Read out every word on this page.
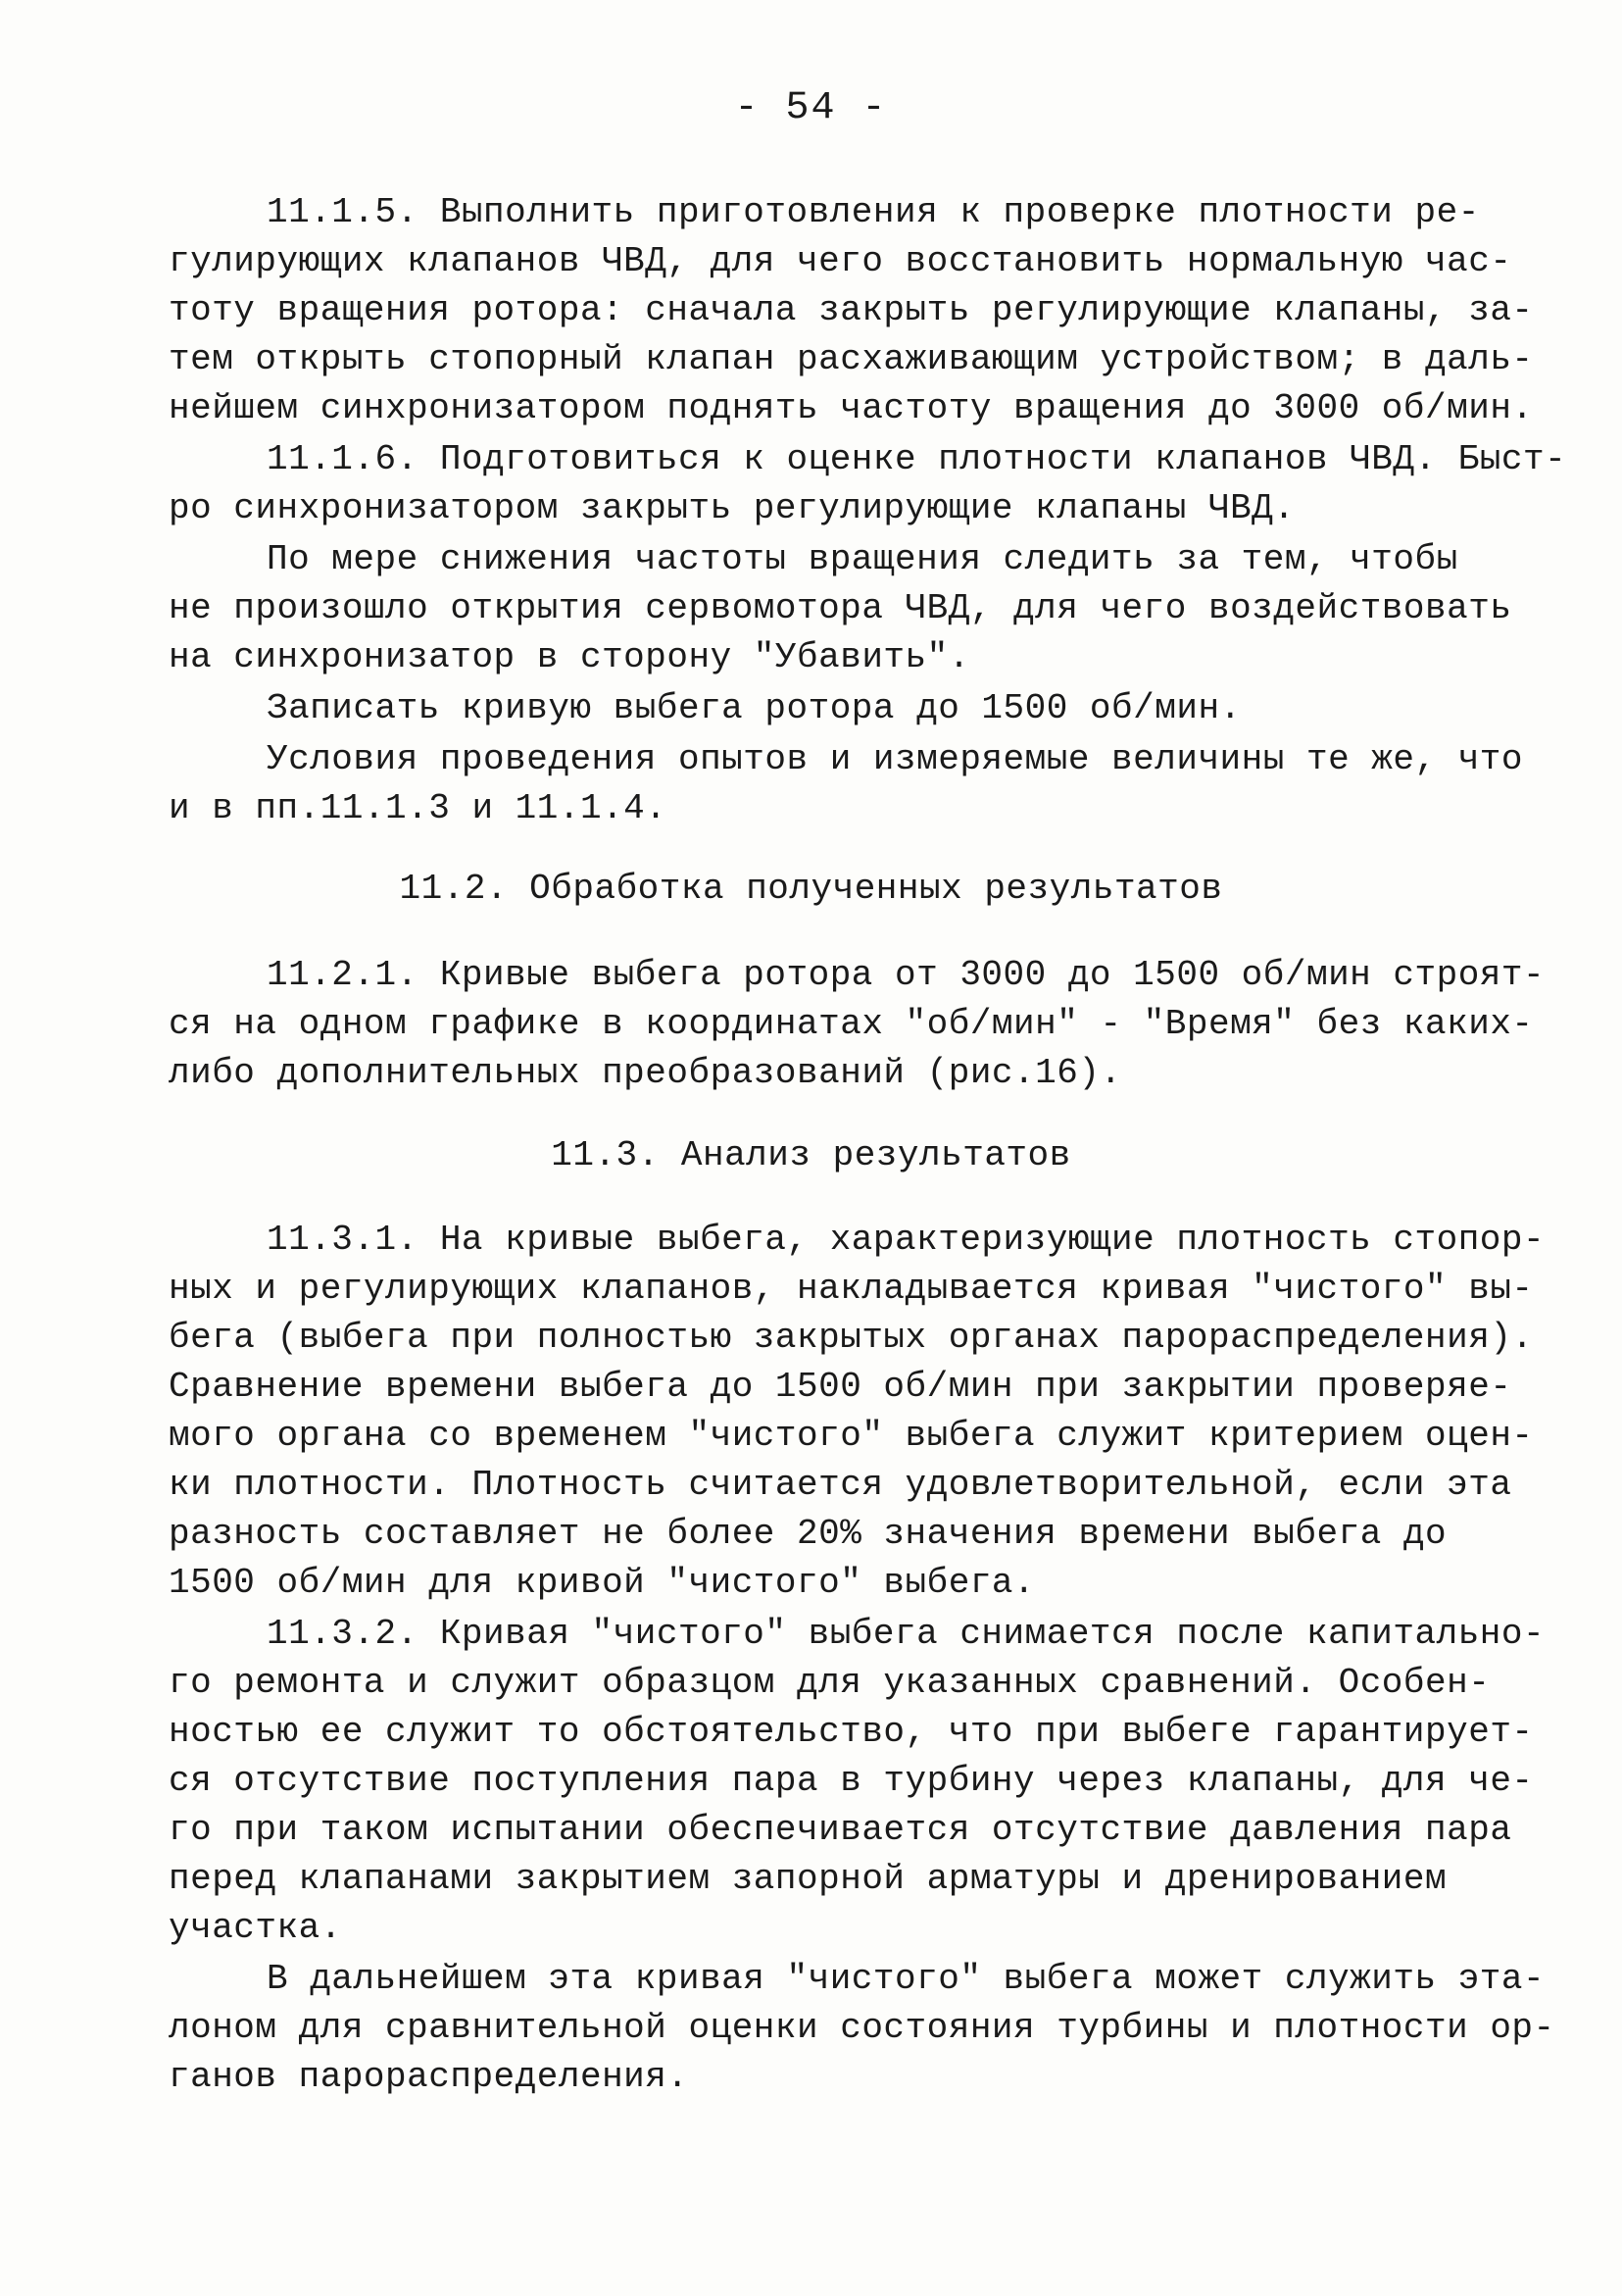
- 54 -
11.1.5. Выполнить приготовления к проверке плотности ре-
гулирующих клапанов ЧВД, для чего восстановить нормальную час-
тоту вращения ротора: сначала закрыть регулирующие клапаны, за-
тем открыть стопорный клапан расхаживающим устройством; в даль-
нейшем синхронизатором поднять частоту вращения до 3000 об/мин.
11.1.6. Подготовиться к оценке плотности клапанов ЧВД. Быст-
ро синхронизатором закрыть регулирующие клапаны ЧВД.
По мере снижения частоты вращения следить за тем, чтобы
не произошло открытия сервомотора ЧВД, для чего воздействовать
на синхронизатор в сторону "Убавить".
Записать кривую выбега ротора до 1500 об/мин.
Условия проведения опытов и измеряемые величины те же, что
и в пп.11.1.3 и 11.1.4.
11.2. Обработка полученных результатов
11.2.1. Кривые выбега ротора от 3000 до 1500 об/мин строят-
ся на одном графике в координатах "об/мин" - "Время" без каких-
либо дополнительных преобразований (рис.16).
11.3. Анализ результатов
11.3.1. На кривые выбега, характеризующие плотность стопор-
ных и регулирующих клапанов, накладывается кривая "чистого" вы-
бега (выбега при полностью закрытых органах парораспределения).
Сравнение времени выбега до 1500 об/мин при закрытии проверяе-
мого органа со временем "чистого" выбега служит критерием оцен-
ки плотности. Плотность считается удовлетворительной, если эта
разность составляет не более 20% значения времени выбега до
1500 об/мин для кривой "чистого" выбега.
11.3.2. Кривая "чистого" выбега снимается после капитально-
го ремонта и служит образцом для указанных сравнений. Особен-
ностью ее служит то обстоятельство, что при выбеге гарантирует-
ся отсутствие поступления пара в турбину через клапаны, для че-
го при таком испытании обеспечивается отсутствие давления пара
перед клапанами закрытием запорной арматуры и дренированием
участка.
В дальнейшем эта кривая "чистого" выбега может служить эта-
лоном для сравнительной оценки состояния турбины и плотности ор-
ганов парораспределения.
